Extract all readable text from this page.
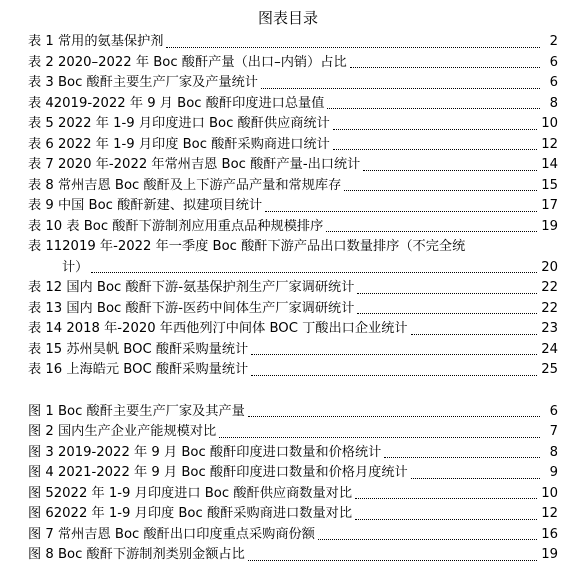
图表目录
表 1 常用的氨基保护剂	2
表 2 2020–2022 年 Boc 酸酐产量（出口–内销）占比	6
表 3 Boc 酸酐主要生产厂家及产量统计	6
表 42019-2022 年 9 月 Boc 酸酐印度进口总量值	8
表 5 2022 年 1-9 月印度进口 Boc 酸酐供应商统计	10
表 6 2022 年 1-9 月印度 Boc 酸酐采购商进口统计	12
表 7 2020 年-2022 年常州吉恩 Boc 酸酐产量-出口统计	14
表 8 常州吉恩 Boc 酸酐及上下游产品产量和常规库存	15
表 9 中国 Boc 酸酐新建、拟建项目统计	17
表 10 表 Boc 酸酐下游制剂应用重点品种规模排序	19
表 112019 年-2022 年一季度 Boc 酸酐下游产品出口数量排序（不完全统
计）	20
表 12 国内 Boc 酸酐下游-氨基保护剂生产厂家调研统计	22
表 13 国内 Boc 酸酐下游-医药中间体生产厂家调研统计	22
表 14 2018 年-2020 年西他列汀中间体 BOC 丁酸出口企业统计	23
表 15 苏州昊帆 BOC 酸酐采购量统计	24
表 16 上海皓元 BOC 酸酐采购量统计	25
图 1 Boc 酸酐主要生产厂家及其产量	6
图 2 国内生产企业产能规模对比	7
图 3 2019-2022 年 9 月 Boc 酸酐印度进口数量和价格统计	8
图 4 2021-2022 年 9 月 Boc 酸酐印度进口数量和价格月度统计	9
图 52022 年 1-9 月印度进口 Boc 酸酐供应商数量对比	10
图 62022 年 1-9 月印度 Boc 酸酐采购商进口数量对比	12
图 7 常州吉恩 Boc 酸酐出口印度重点采购商份额	16
图 8 Boc 酸酐下游制剂类别金额占比	19
